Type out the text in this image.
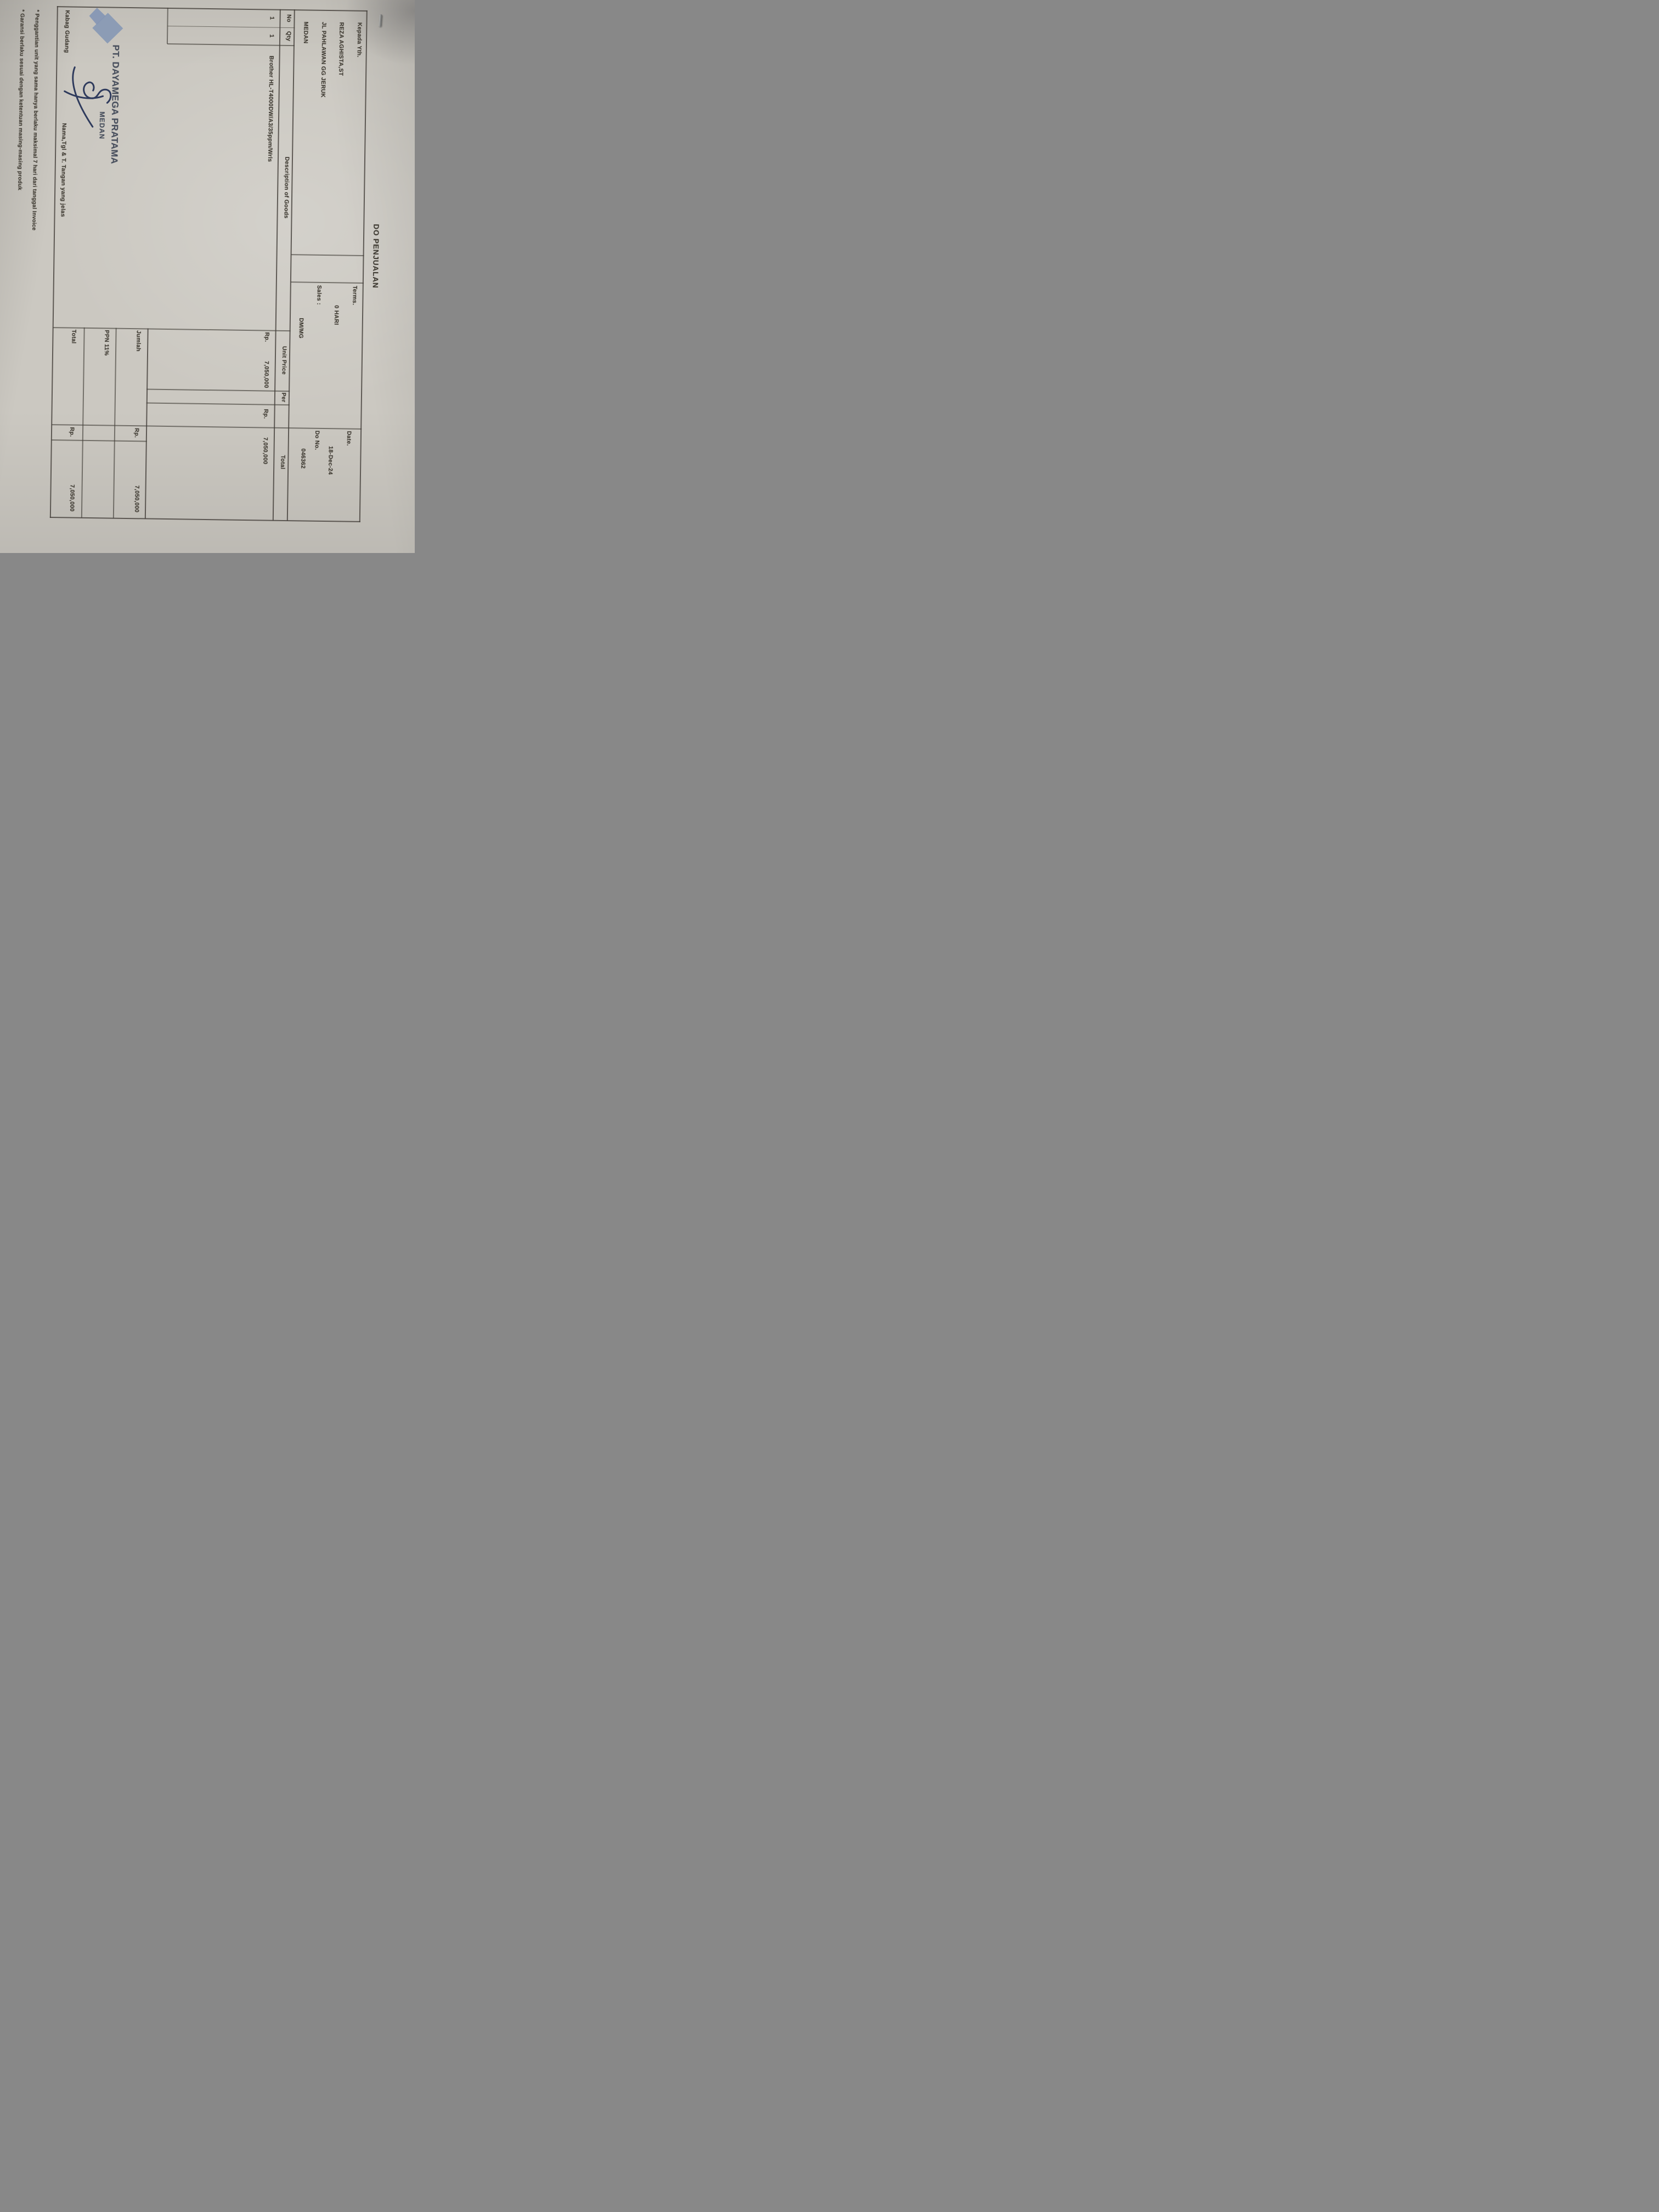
DO PENJUALAN
Kepada Yth.
REZA AGHISTA,ST
JL PAHLAWAN GG JERUK
MEDAN
Terms.
0 HARI
Sales :
DM/MG
Date.
18-Dec-24
Do No.
046362
No
Qty
Description of Goods
Unit Price
Per
Total
1
1
Brother HL-T4000DW/A3/35ppm/Wrls
Rp.
7,050,000
Rp.
7,050,000
Jumlah
Rp.
7,050,000
PPN 11%
Total
Rp.
7,050,000
PT. DAYAMEGA PRATAMA
MEDAN
Kabag Gudang
Nama,Tgl & T. Tangan yang jelas
* Penggantian unit yang sama hanya berlaku maksimal 7 hari dari tanggal Invoice
* Garansi berlaku sesuai dengan ketentuan masing-masing produk
